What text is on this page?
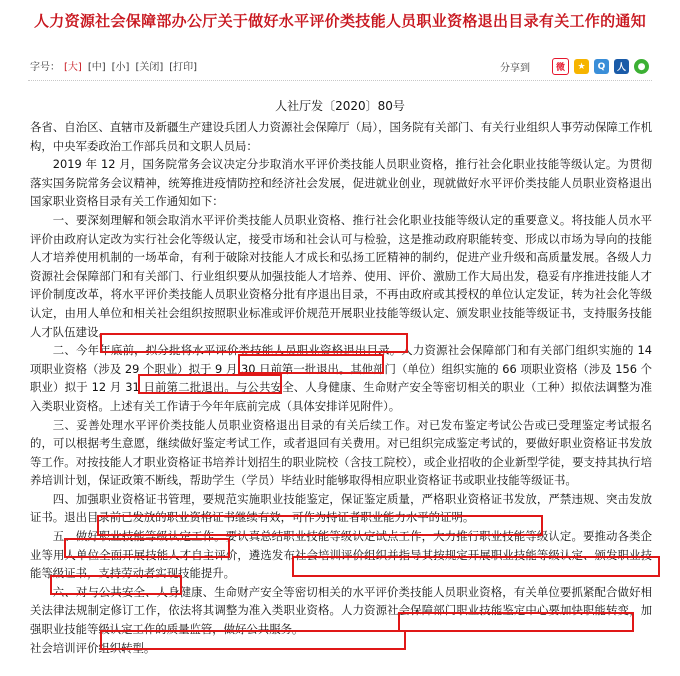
人力资源社会保障部办公厅关于做好水平评价类技能人员职业资格退出目录有关工作的通知
字号： [大] [中] [小] [关闭] [打印]	分享到	微	★	Q	人	●
人社厅发〔2020〕80号

各省、自治区、直辖市及新疆生产建设兵团人力资源社会保障厅（局），国务院有关部门、有关行业组织人事劳动保障工作机构，中央军委政治工作部兵员和文职人员局：

2019 年 12 月，国务院常务会议决定分步取消水平评价类技能人员职业资格，推行社会化职业技能等级认定。为贯彻落实国务院常务会议精神，统筹推进疫情防控和经济社会发展，促进就业创业，现就做好水平评价类技能人员职业资格退出国家职业资格目录有关工作通知如下：

一、要深刻理解和领会取消水平评价类技能人员职业资格、推行社会化职业技能等级认定的重要意义。将技能人员水平评价由政府认定改为实行社会化等级认定，接受市场和社会认可与检验，这是推动政府职能转变、形成以市场为导向的技能人才培养使用机制的一场革命，有利于破除对技能人才成长和弘扬工匠精神的制约，促进产业升级和高质量发展。各级人力资源社会保障部门和有关部门、行业组织要从加强技能人才培养、使用、评价、激励工作大局出发，稳妥有序推进技能人才评价制度改革，将水平评价类技能人员职业资格分批有序退出目录，不再由政府或其授权的单位认定发证，转为社会化等级认定，由用人单位和相关社会组织按照职业标准或评价规范开展职业技能等级认定、颁发职业技能等级证书，支持服务技能人才队伍建设。

二、今年年底前，拟分批将水平评价类技能人员职业资格退出目录。人力资源社会保障部门和有关部门组织实施的 14 项职业资格（涉及 29 个职业）拟于 9 月 30 日前第一批退出。其他部门（单位）组织实施的 66 项职业资格（涉及 156 个职业）拟于 12 月 31 日前第二批退出。与公共安全、人身健康、生命财产安全等密切相关的职业（工种）拟依法调整为准入类职业资格。上述有关工作请于今年年底前完成（具体安排详见附件）。

三、妥善处理水平评价类技能人员职业资格退出目录的有关后续工作。对已发布鉴定考试公告或已受理鉴定考试报名的，可以根据考生意愿，继续做好鉴定考试工作，或者退回有关费用。对已组织完成鉴定考试的，要做好职业资格证书发放等工作。对按技能人才职业资格证书培养计划招生的职业院校（含技工院校），或企业招收的企业新型学徒，要支持其执行培养培训计划，保证政策不断线，帮助学生（学员）毕结业时能够取得相应职业资格证书或职业技能等级证书。

四、加强职业资格证书管理，要规范实施职业技能鉴定，保证鉴定质量，严格职业资格证书发放，严禁违规、突击发放证书。退出目录前已发放的职业资格证书继续有效，可作为持证者职业能力水平的证明。

五、做好职业技能等级认定工作。要认真总结职业技能等级认定试点工作，大力推行职业技能等级认定。要推动各类企业等用人单位全面开展技能人才自主评价，遴选发布社会培训评价组织并指导其按规定开展职业技能等级认定、颁发职业技能等级证书，支持劳动者实现技能提升。

六、对与公共安全、人身健康、生命财产安全等密切相关的水平评价类技能人员职业资格，有关单位要抓紧配合做好相关法律法规制定修订工作，依法将其调整为准入类职业资格。人力资源社会保障部门职业技能鉴定中心要加快职能转变，加强职业技能等级认定工作的质量监管，做好公共服务。

社会培训评价组织转型。
